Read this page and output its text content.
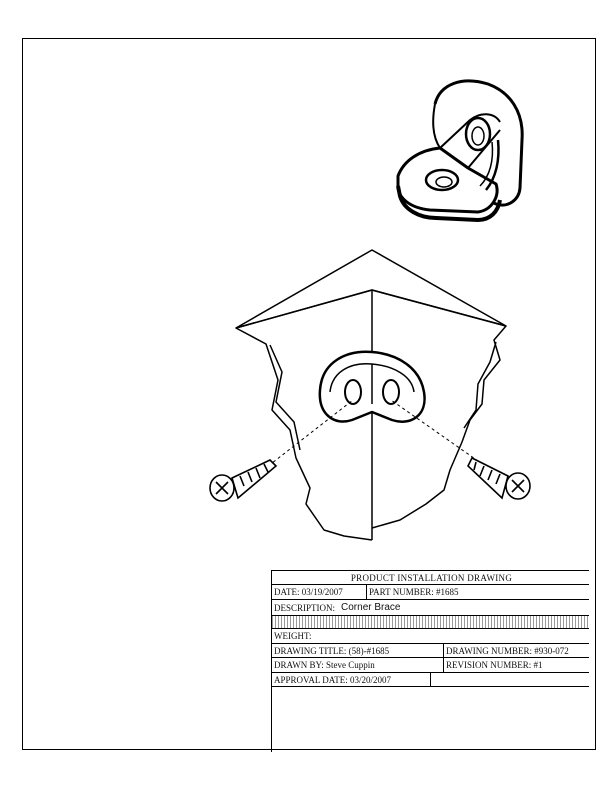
PRODUCT INSTALLATION DRAWING
DATE: 03/19/2007	PART NUMBER: #1685
DESCRIPTION: Corner Brace
WEIGHT:
DRAWING TITLE: (58)-#1685	DRAWING NUMBER: #930-072
DRAWN BY: Steve Cuppin	REVISION NUMBER: #1
APPROVAL DATE: 03/20/2007
